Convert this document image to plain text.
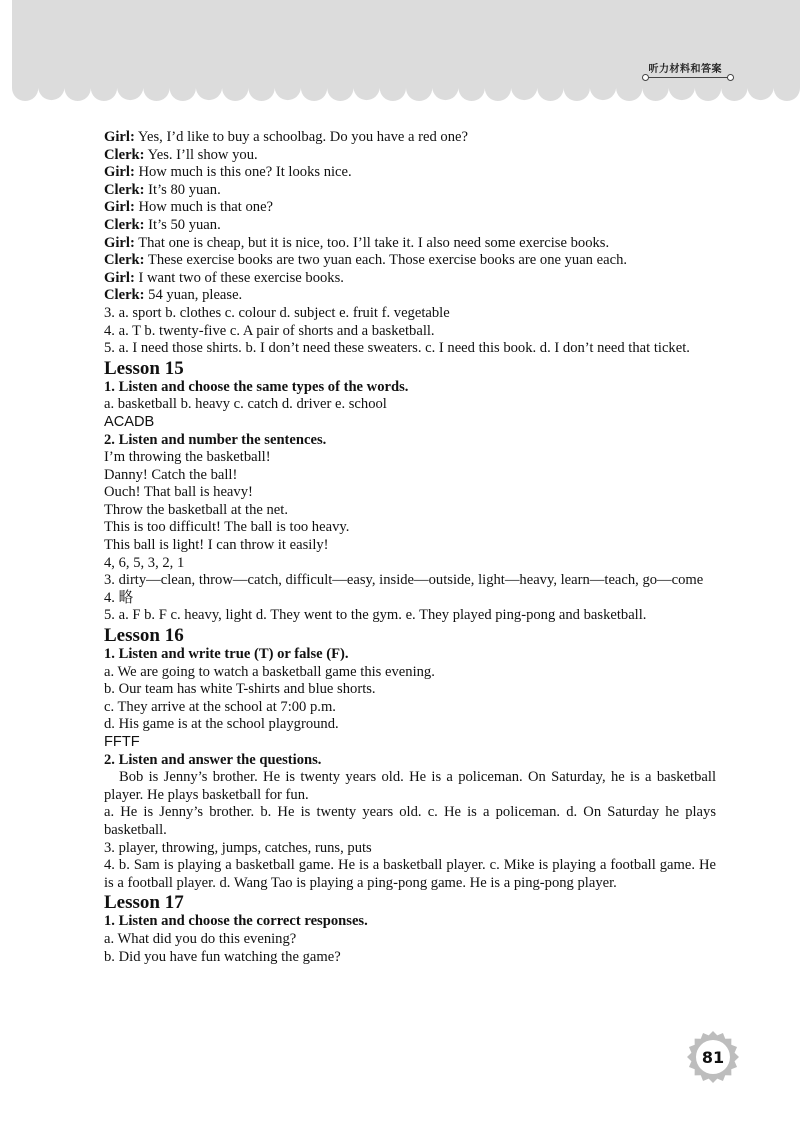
听力材料和答案
Girl: Yes, I’d like to buy a schoolbag. Do you have a red one?
Clerk: Yes. I’ll show you.
Girl: How much is this one? It looks nice.
Clerk: It’s 80 yuan.
Girl: How much is that one?
Clerk: It’s 50 yuan.
Girl: That one is cheap, but it is nice, too. I’ll take it. I also need some exercise books.
Clerk: These exercise books are two yuan each. Those exercise books are one yuan each.
Girl: I want two of these exercise books.
Clerk: 54 yuan, please.
3. a. sport b. clothes c. colour d. subject e. fruit f. vegetable
4. a. T b. twenty-five c. A pair of shorts and a basketball.
5. a. I need those shirts. b. I don’t need these sweaters. c. I need this book. d. I don’t need that ticket.
Lesson 15
1. Listen and choose the same types of the words.
a. basketball b. heavy c. catch d. driver e. school
ACADB
2. Listen and number the sentences.
I’m throwing the basketball!
Danny! Catch the ball!
Ouch! That ball is heavy!
Throw the basketball at the net.
This is too difficult! The ball is too heavy.
This ball is light! I can throw it easily!
4, 6, 5, 3, 2, 1
3. dirty—clean, throw—catch, difficult—easy, inside—outside, light—heavy, learn—teach, go—come
4. 略
5. a. F b. F c. heavy, light d. They went to the gym. e. They played ping-pong and basketball.
Lesson 16
1. Listen and write true (T) or false (F).
a. We are going to watch a basketball game this evening.
b. Our team has white T-shirts and blue shorts.
c. They arrive at the school at 7:00 p.m.
d. His game is at the school playground.
FFTF
2. Listen and answer the questions.
Bob is Jenny’s brother. He is twenty years old. He is a policeman. On Saturday, he is a basketball player. He plays basketball for fun.
a. He is Jenny’s brother. b. He is twenty years old. c. He is a policeman. d. On Saturday he plays basketball.
3. player, throwing, jumps, catches, runs, puts
4. b. Sam is playing a basketball game. He is a basketball player. c. Mike is playing a football game. He is a football player. d. Wang Tao is playing a ping-pong game. He is a ping-pong player.
Lesson 17
1. Listen and choose the correct responses.
a. What did you do this evening?
b. Did you have fun watching the game?
81
